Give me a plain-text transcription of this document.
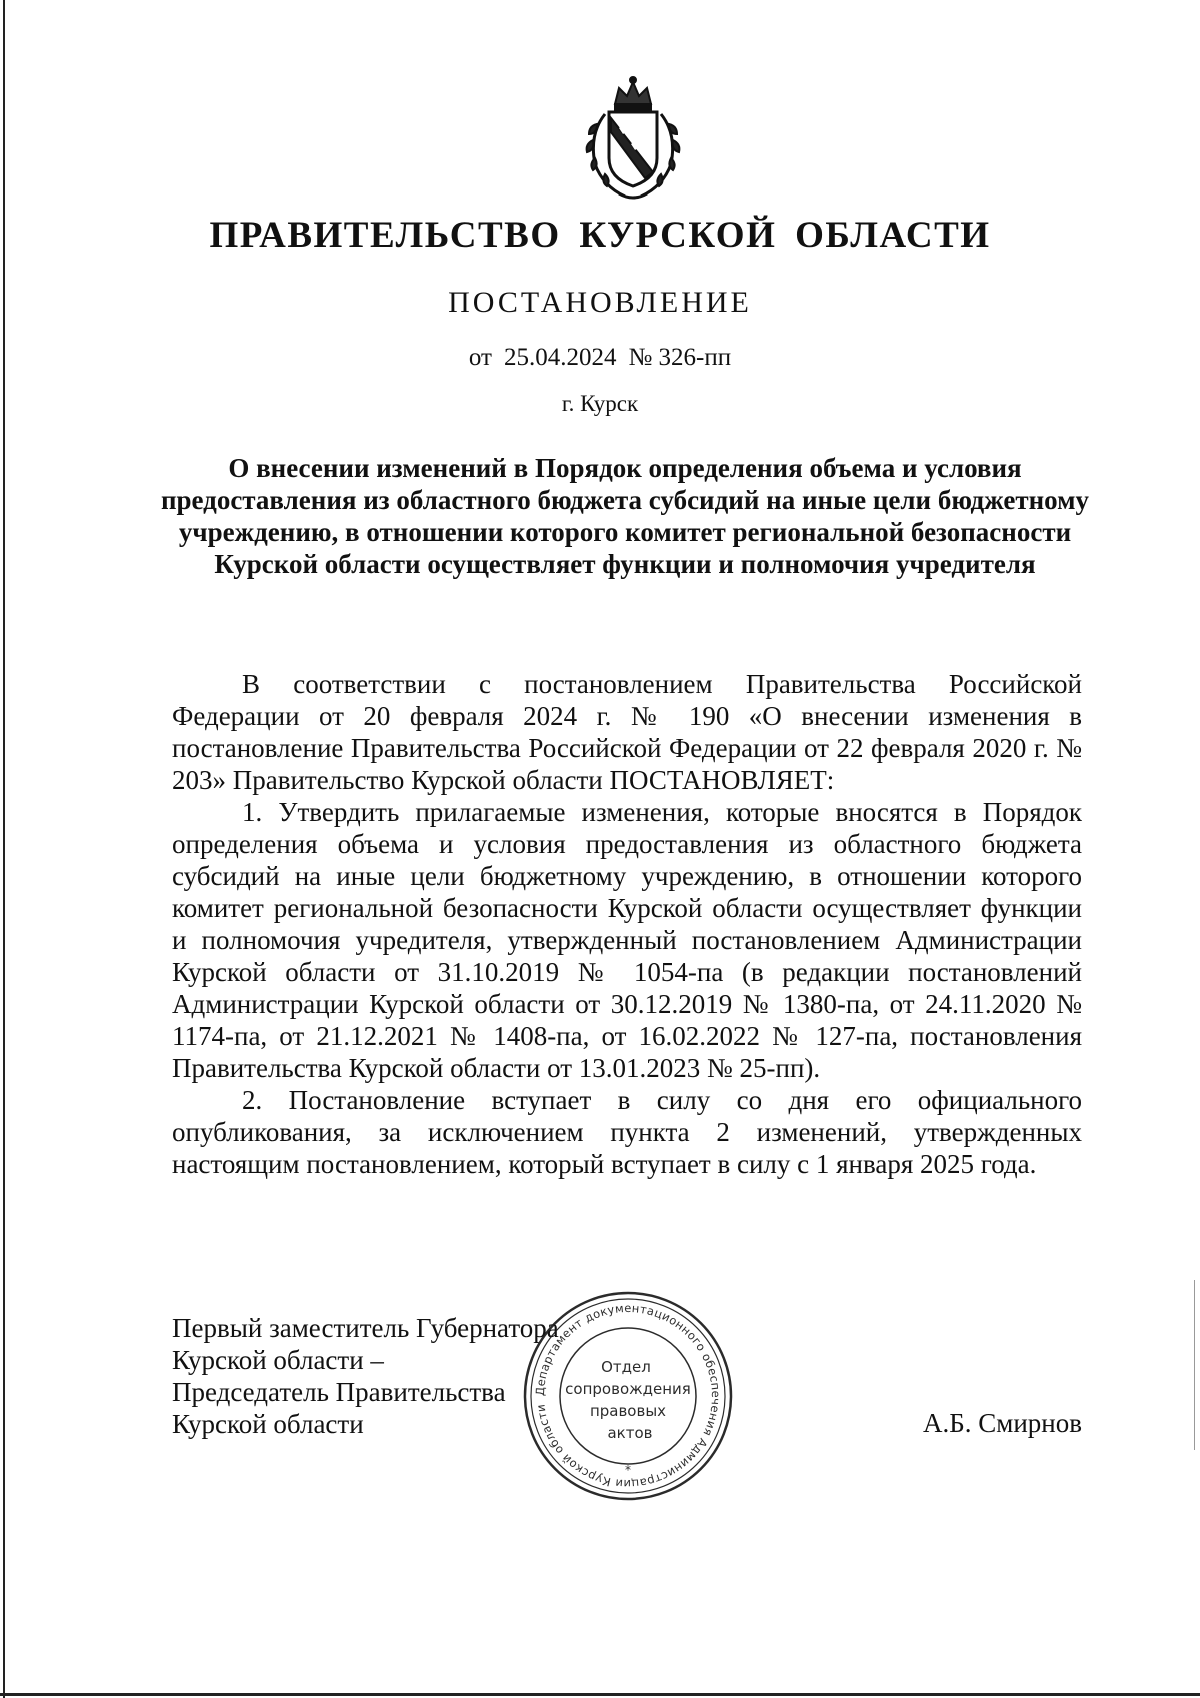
ПРАВИТЕЛЬСТВО КУРСКОЙ ОБЛАСТИ
ПОСТАНОВЛЕНИЕ
от 25.04.2024 № 326-пп
г. Курск
О внесении изменений в Порядок определения объема и условия предоставления из областного бюджета субсидий на иные цели бюджетному учреждению, в отношении которого комитет региональной безопасности Курской области осуществляет функции и полномочия учредителя

В соответствии с постановлением Правительства Российской Федерации от 20 февраля 2024 г. № 190 «О внесении изменения в постановление Правительства Российской Федерации от 22 февраля 2020 г. № 203» Правительство Курской области ПОСТАНОВЛЯЕТ:

1. Утвердить прилагаемые изменения, которые вносятся в Порядок определения объема и условия предоставления из областного бюджета субсидий на иные цели бюджетному учреждению, в отношении которого комитет региональной безопасности Курской области осуществляет функции и полномочия учредителя, утвержденный постановлением Администрации Курской области от 31.10.2019 № 1054-па (в редакции постановлений Администрации Курской области от 30.12.2019 № 1380-па, от 24.11.2020 № 1174-па, от 21.12.2021 № 1408-па, от 16.02.2022 № 127-па, постановления Правительства Курской области от 13.01.2023 № 25-пп).

2. Постановление вступает в силу со дня его официального опубликования, за исключением пункта 2 изменений, утвержденных настоящим постановлением, который вступает в силу с 1 января 2025 года.

Первый заместитель Губернатора
Курской области –
Председатель Правительства
Курской области	А.Б. Смирнов
Департамент документационного обеспечения Администрации Курской области
*
Отдел
сопровождения
правовых
актов
